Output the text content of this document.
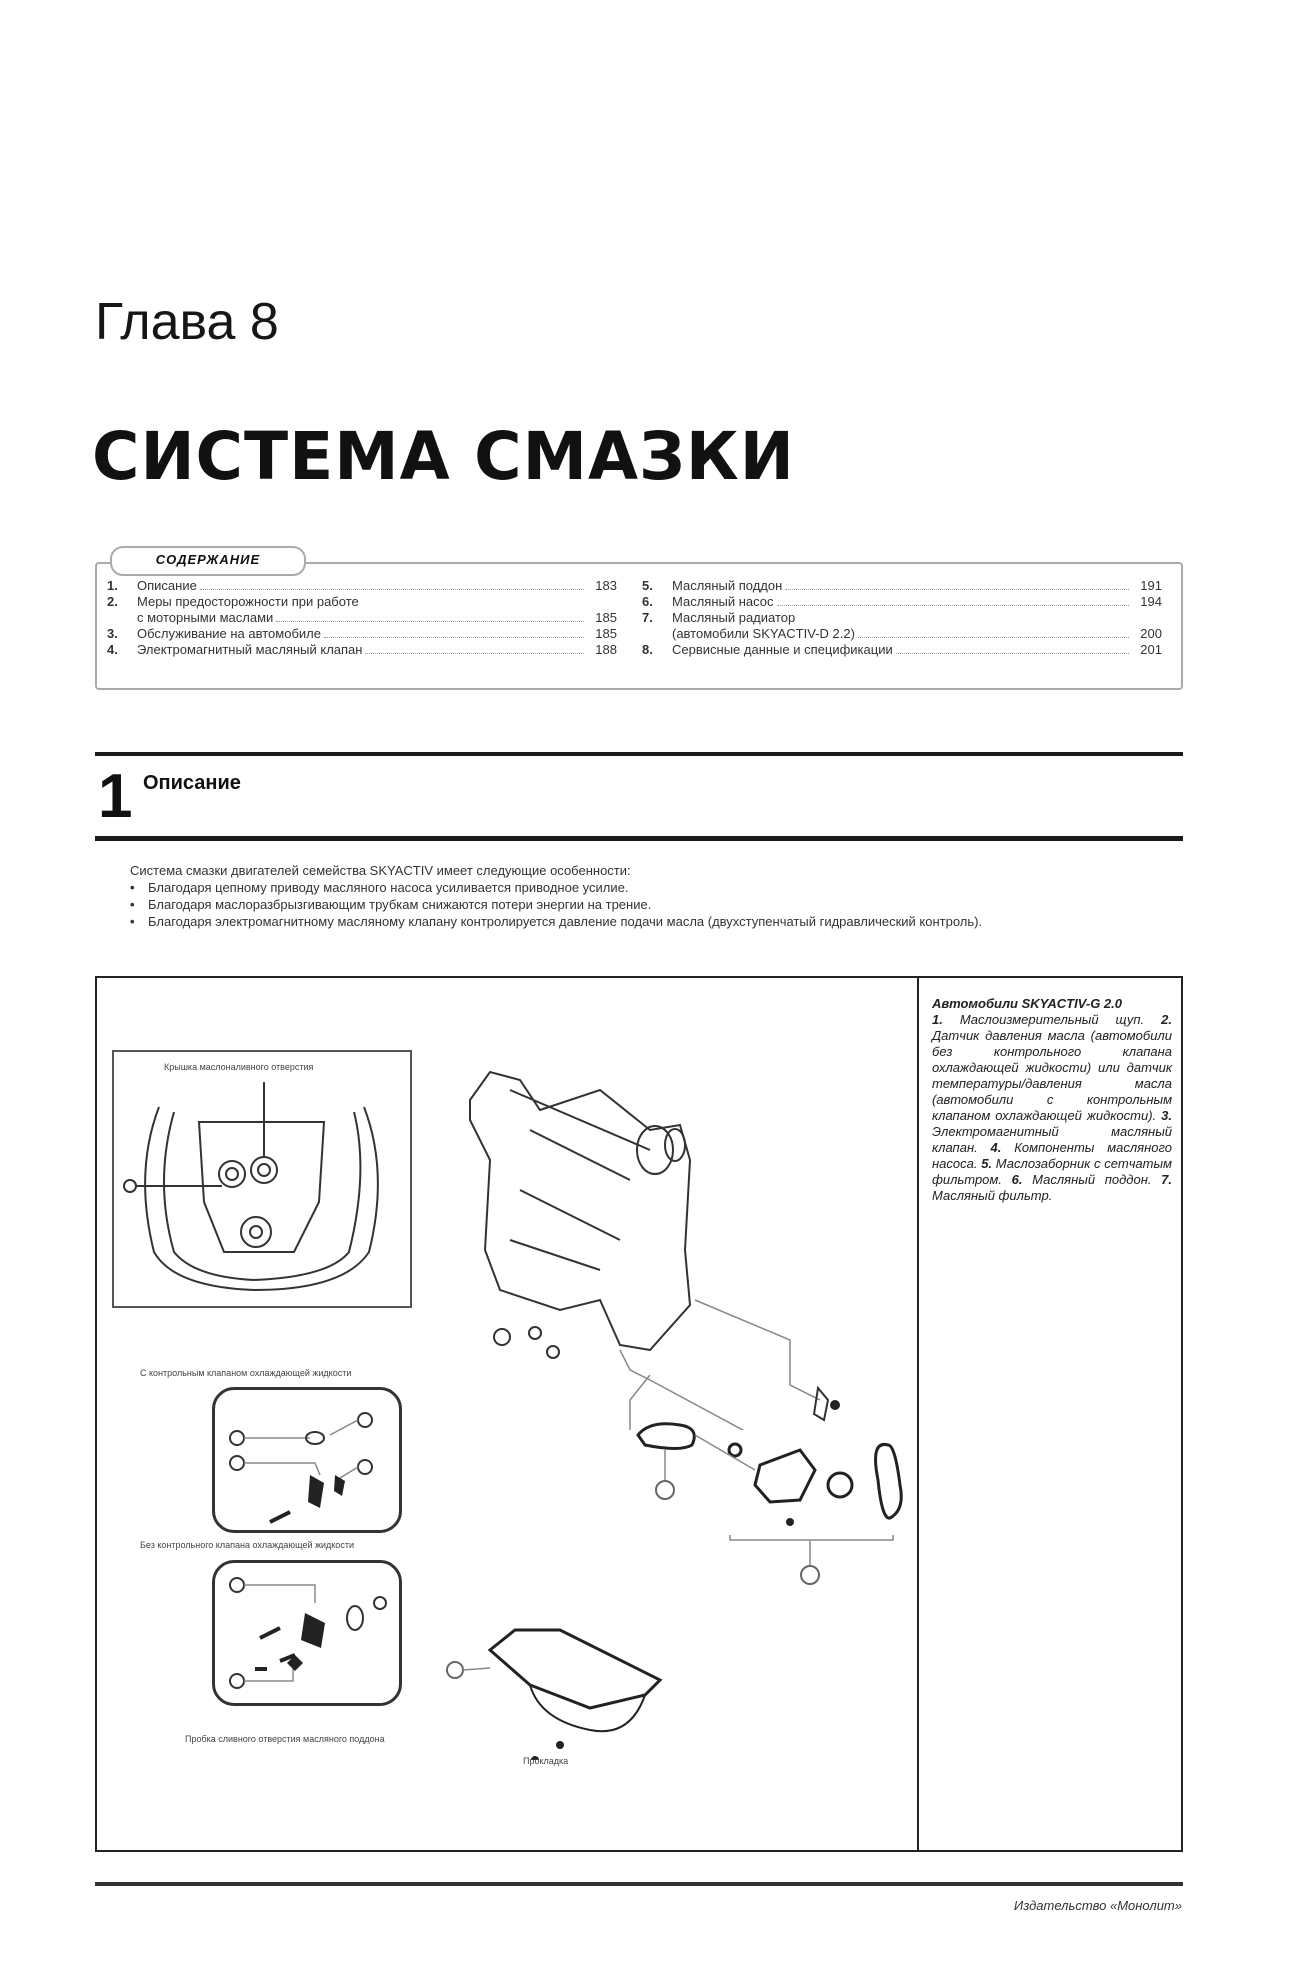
Глава 8
СИСТЕМА СМАЗКИ
1.	Описание	183
2.	Меры предосторожности при работе
с моторными маслами	185
3.	Обслуживание на автомобиле	185
4.	Электромагнитный масляный клапан	188
5.	Масляный поддон	191
6.	Масляный насос	194
7.	Масляный радиатор
(автомобили SKYACTIV-D 2.2)	200
8.	Сервисные данные и спецификации	201
СОДЕРЖАНИЕ
1 Описание

Система смазки двигателей семейства SKYACTIV имеет следующие особенности:

• Благодаря цепному приводу масляного насоса усиливается приводное усилие.

• Благодаря маслоразбрызгивающим трубкам снижаются потери энергии на трение.

• Благодаря электромагнитному масляному клапану контролируется давление подачи масла (двухступенчатый гидравлический контроль).

Автомобили SKYACTIV-G 2.0
1. Маслоизмерительный щуп. 2. Датчик давления масла (автомобили без контрольного клапана охлаждающей жидкости) или датчик температуры/давления масла (автомобили с контрольным клапаном охлаждающей жидкости). 3. Электромагнитный масляный клапан. 4. Компоненты масляного насоса. 5. Маслозаборник с сетчатым фильтром. 6. Масляный поддон. 7. Масляный фильтр.
Крышка маслоналивного отверстия
С контрольным клапаном охлаждающей жидкости
Без контрольного клапана охлаждающей жидкости
Пробка сливного отверстия масляного поддона
Прокладка
Издательство «Монолит»
